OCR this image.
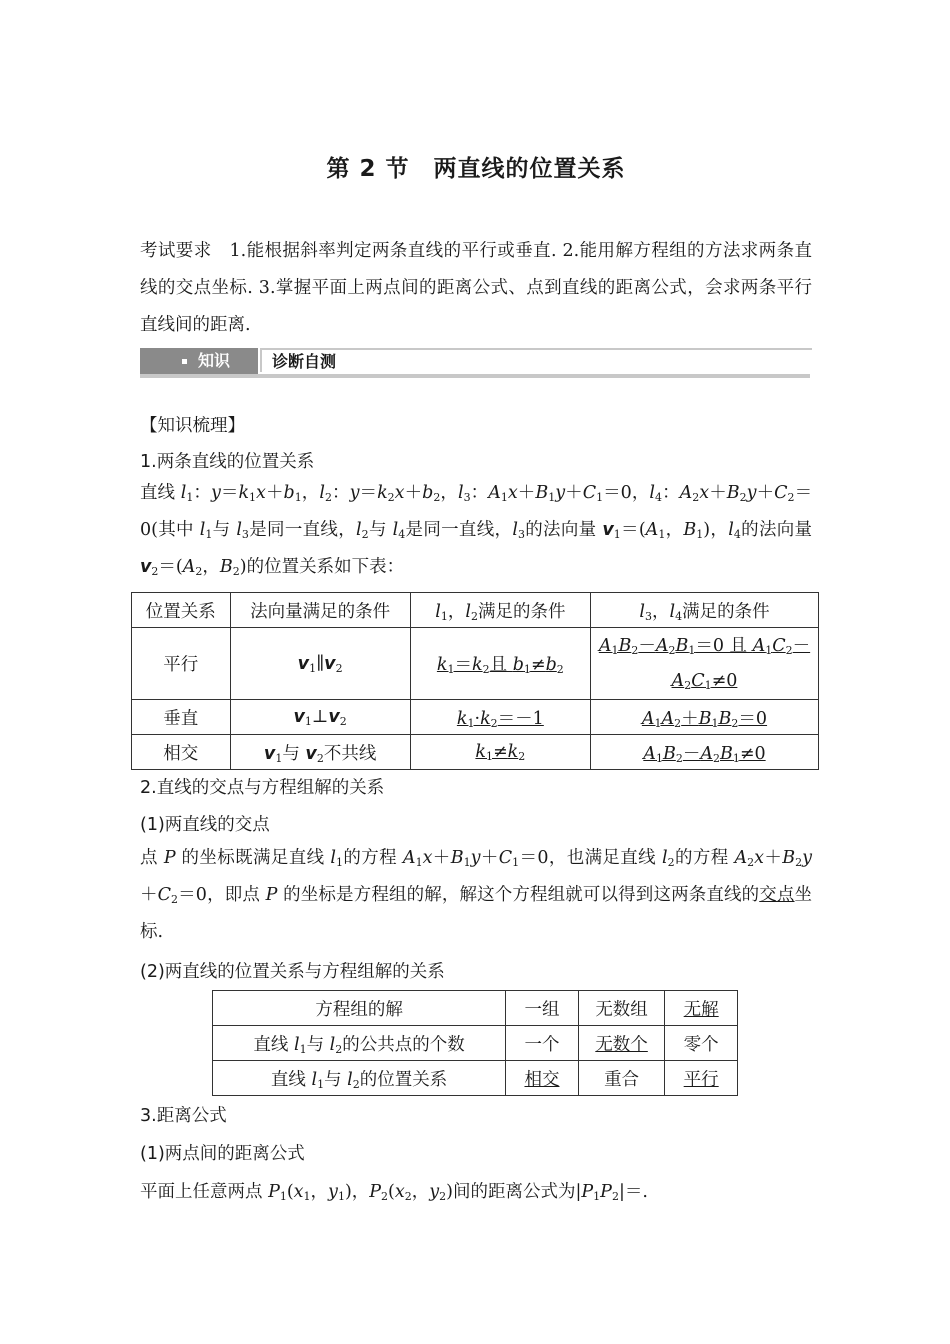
第 2 节　两直线的位置关系
考试要求　1.能根据斜率判定两条直线的平行或垂直. 2.能用解方程组的方法求两条直线的交点坐标. 3.掌握平面上两点间的距离公式、点到直线的距离公式，会求两条平行直线间的距离.
知识	诊断自测
【知识梳理】
1.两条直线的位置关系
直线 $l_1$：$y=k_1x+b_1$，$l_2$：$y=k_2x+b_2$，$l_3$：$A_1x+B_1y+C_1=0$，$l_4$：$A_2x+B_2y+C_2=0$(其中 $l_1$与 $l_3$是同一直线，$l_2$与 $l_4$是同一直线，$l_3$的法向量 $v_1=(A_1$，$B_1$)，$l_4$的法向量 $v_2=(A_2$，$B_2$)的位置关系如下表：
位置关系	法向量满足的条件	$l_1$，$l_2$满足的条件	$l_3$，$l_4$满足的条件
平行	$v_1\parallel v_2$	$k_1=k_2$且 $b_1\ne b_2$	$A_1B_2-A_2B_1=0$ 且 $A_1C_2-$
$A_2C_1\ne 0$
垂直	$v_1\perp v_2$	$k_1\cdot k_2=-1$	$A_1A_2+B_1B_2=0$
相交	$v_1$与 $v_2$不共线	$k_1\ne k_2$	$A_1B_2-A_2B_1\ne 0$
2.直线的交点与方程组解的关系
(1)两直线的交点
点 P 的坐标既满足直线 $l_1$的方程 $A_1x+B_1y+C_1=0$，也满足直线 $l_2$的方程 $A_2x+B_2y+C_2=0$，即点 P 的坐标是方程组的解，解这个方程组就可以得到这两条直线的交点坐标.
(2)两直线的位置关系与方程组解的关系
方程组的解	一组	无数组	无解
直线 $l_1$与 $l_2$的公共点的个数	一个	无数个	零个
直线 $l_1$与 $l_2$的位置关系	相交	重合	平行
3.距离公式
(1)两点间的距离公式
平面上任意两点 $P_1(x_1$，$y_1$)，$P_2(x_2$，$y_2$)间的距离公式为$|P_1P_2|=$.
